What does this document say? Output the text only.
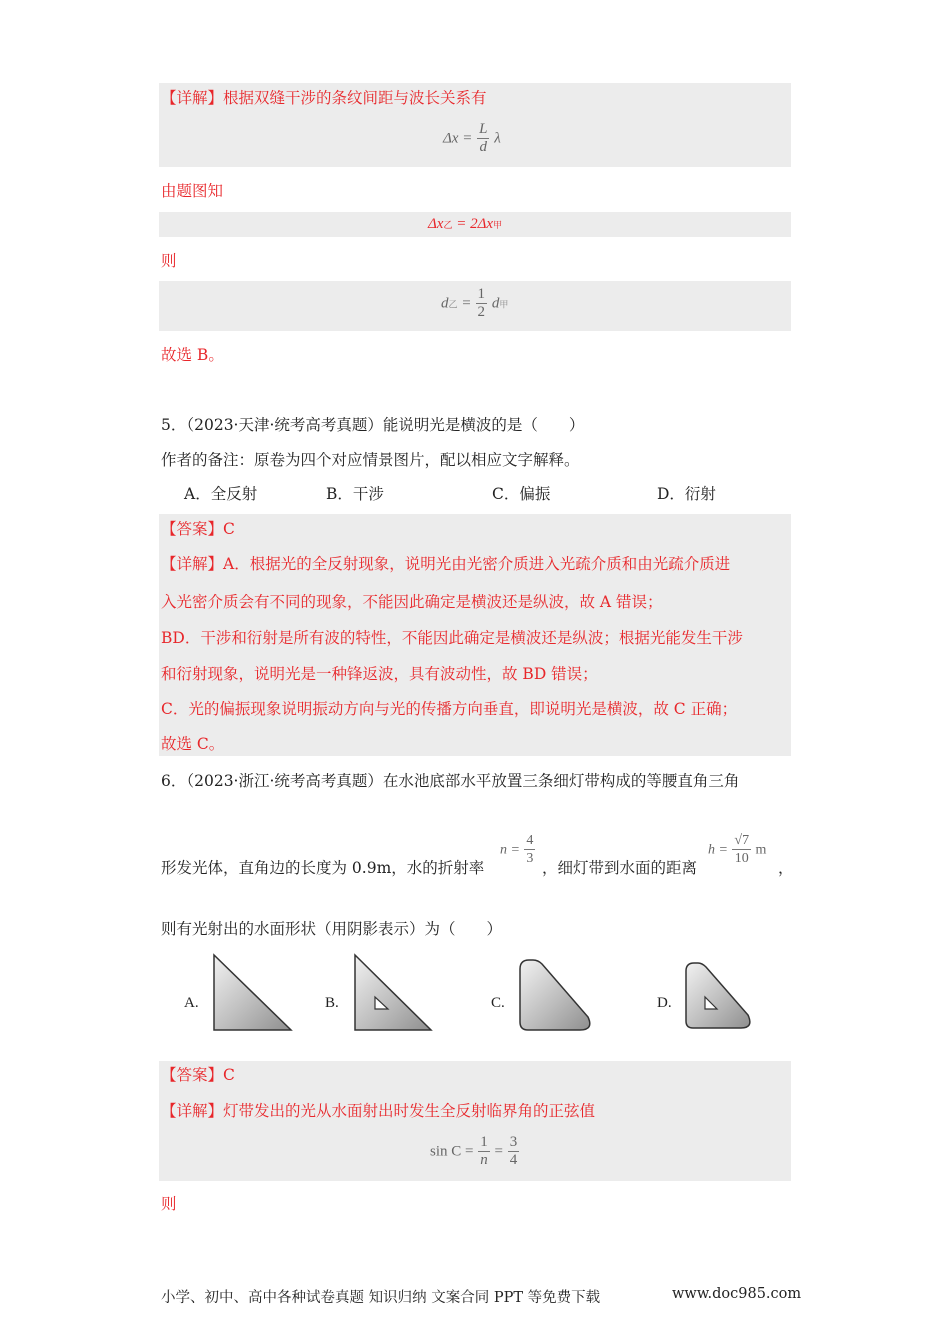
【详解】根据双缝干涉的条纹间距与波长关系有
$\Delta x = \frac{L}{d}$ λ
由题图知
Δx乙 = 2Δx甲
则
d乙 = $\frac{1}{2}$ d甲
故选 B。
5．（2023·天津·统考高考真题）能说明光是横波的是（　　）
作者的备注：原卷为四个对应情景图片，配以相应文字解释。
A．全反射	B．干涉	C．偏振	D．衍射
【答案】C
【详解】A．根据光的全反射现象，说明光由光密介质进入光疏介质和由光疏介质进
入光密介质会有不同的现象，不能因此确定是横波还是纵波，故 A 错误；
BD．干涉和衍射是所有波的特性，不能因此确定是横波还是纵波；根据光能发生干涉
和衍射现象，说明光是一种锋返波，具有波动性，故 BD 错误；
C．光的偏振现象说明振动方向与光的传播方向垂直，即说明光是横波，故 C 正确；
故选 C。
6．（2023·浙江·统考高考真题）在水池底部水平放置三条细灯带构成的等腰直角三角
形发光体，直角边的长度为 0.9m，水的折射率
$n = \frac{4}{3}$
，细灯带到水面的距离
$h = \frac{√7}{10}$ m
，
则有光射出的水面形状（用阴影表示）为（　　）
A.	B.	C.	D.
【答案】C
【详解】灯带发出的光从水面射出时发生全反射临界角的正弦值
$\sin C = \frac{1}{n} = \frac{3}{4}$
则
小学、初中、高中各种试卷真题 知识归纳 文案合同 PPT 等免费下载	www.doc985.com
